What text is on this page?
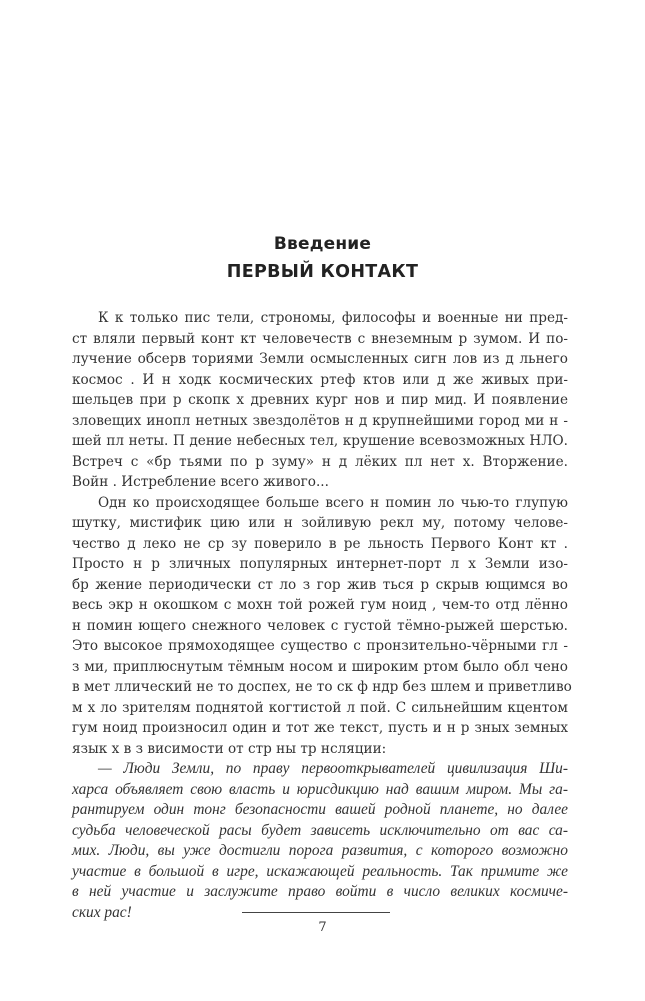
Введение
ПЕРВЫЙ КОНТАКТ
К к только пис тели, строномы, философы и военные ни пред-
ст вляли первый конт кт человечеств с внеземным р зумом. И по-
лучение обсерв ториями Земли осмысленных сигн лов из д льнего
космос . И н ходк космических ртеф ктов или д же живых при-
шельцев при р скопк х древних кург нов и пир мид. И появление
зловещих инопл нетных звездолётов н д крупнейшими город ми н -
шей пл неты. П дение небесных тел, крушение всевозможных НЛО.
Встреч с «бр тьями по р зуму» н д лёких пл нет х. Вторжение.
Войн . Истребление всего живого...
Одн ко происходящее больше всего н помин ло чью-то глупую
шутку, мистифик цию или н зойливую рекл му, потому челове-
чество д леко не ср зу поверило в ре льность Первого Конт кт .
Просто н р зличных популярных интернет-порт л х Земли изо-
бр жение периодически ст ло з гор жив ться р скрыв ющимся во
весь экр н окошком с мохн той рожей гум ноид , чем-то отд лённо
н помин ющего снежного человек с густой тёмно-рыжей шерстью.
Это высокое прямоходящее существо с пронзительно-чёрными гл -
з ми, приплюснутым тёмным носом и широким ртом было обл чено
в мет ллический не то доспех, не то ск ф ндр без шлем и приветливо
м х ло зрителям поднятой когтистой л пой. С сильнейшим кцентом
гум ноид произносил один и тот же текст, пусть и н р зных земных
язык х в з висимости от стр ны тр нсляции:
— Люди Земли, по праву первооткрывателей цивилизация Ши-
харса объявляет свою власть и юрисдикцию над вашим миром. Мы га-
рантируем один тонг безопасности вашей родной планете, но далее
судьба человеческой расы будет зависеть исключительно от вас са-
мих. Люди, вы уже достигли порога развития, с которого возможно
участие в большой в игре, искажающей реальность. Так примите же
в ней участие и заслужите право войти в число великих космиче-
ских рас!
7
